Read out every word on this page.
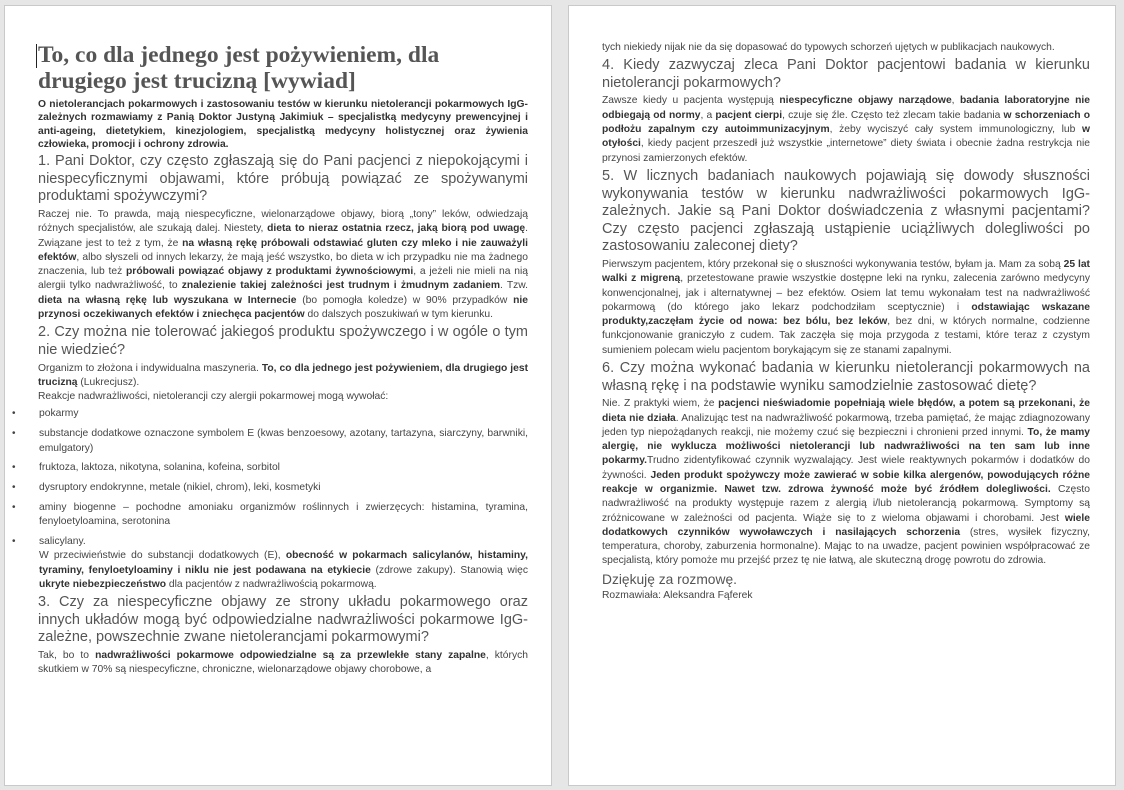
To, co dla jednego jest pożywieniem, dla drugiego jest trucizną [wywiad]

O nietolerancjach pokarmowych i zastosowaniu testów w kierunku nietolerancji pokarmowych IgG-zależnych rozmawiamy z Panią Doktor Justyną Jakimiuk – specjalistką medycyny prewencyjnej i anti-ageing, dietetykiem, kinezjologiem, specjalistką medycyny holistycznej oraz żywienia człowieka, promocji i ochrony zdrowia.

1. Pani Doktor, czy często zgłaszają się do Pani pacjenci z niepokojącymi i niespecyficznymi objawami, które próbują powiązać ze spożywanymi produktami spożywczymi?

Raczej nie. To prawda, mają niespecyficzne, wielonarządowe objawy, biorą „tony” leków, odwiedzają różnych specjalistów, ale szukają dalej. Niestety, dieta to nieraz ostatnia rzecz, jaką biorą pod uwagę. Związane jest to też z tym, że na własną rękę próbowali odstawiać gluten czy mleko i nie zauważyli efektów, albo słyszeli od innych lekarzy, że mają jeść wszystko, bo dieta w ich przypadku nie ma żadnego znaczenia, lub też próbowali powiązać objawy z produktami żywnościowymi, a jeżeli nie mieli na nią alergii tylko nadwrażliwość, to znalezienie takiej zależności jest trudnym i żmudnym zadaniem. Tzw. dieta na własną rękę lub wyszukana w Internecie (bo pomogła koledze) w 90% przypadków nie przynosi oczekiwanych efektów i zniechęca pacjentów do dalszych poszukiwań w tym kierunku.

2. Czy można nie tolerować jakiegoś produktu spożywczego i w ogóle o tym nie wiedzieć?

Organizm to złożona i indywidualna maszyneria. To, co dla jednego jest pożywieniem, dla drugiego jest trucizną (Lukrecjusz).
Reakcje nadwrażliwości, nietolerancji czy alergii pokarmowej mogą wywołać:

• pokarmy
• substancje dodatkowe oznaczone symbolem E (kwas benzoesowy, azotany, tartazyna, siarczyny, barwniki, emulgatory)
• fruktoza, laktoza, nikotyna, solanina, kofeina, sorbitol
• dysruptory endokrynne, metale (nikiel, chrom), leki, kosmetyki
• aminy biogenne – pochodne amoniaku organizmów roślinnych i zwierzęcych: histamina, tyramina, fenyloetyloamina, serotonina
• salicylany.

W przeciwieństwie do substancji dodatkowych (E), obecność w pokarmach salicylanów, histaminy, tyraminy, fenyloetyloaminy i niklu nie jest podawana na etykiecie (zdrowe zakupy). Stanowią więc ukryte niebezpieczeństwo dla pacjentów z nadwrażliwością pokarmową.

3. Czy za niespecyficzne objawy ze strony układu pokarmowego oraz innych układów mogą być odpowiedzialne nadwrażliwości pokarmowe IgG-zależne, powszechnie zwane nietolerancjami pokarmowymi?

Tak, bo to nadwrażliwości pokarmowe odpowiedzialne są za przewlekłe stany zapalne, których skutkiem w 70% są niespecyficzne, chroniczne, wielonarządowe objawy chorobowe, a

tych niekiedy nijak nie da się dopasować do typowych schorzeń ujętych w publikacjach naukowych.

4. Kiedy zazwyczaj zleca Pani Doktor pacjentowi badania w kierunku nietolerancji pokarmowych?

Zawsze kiedy u pacjenta występują niespecyficzne objawy narządowe, badania laboratoryjne nie odbiegają od normy, a pacjent cierpi, czuje się źle. Często też zlecam takie badania w schorzeniach o podłożu zapalnym czy autoimmunizacyjnym, żeby wyciszyć cały system immunologiczny, lub w otyłości, kiedy pacjent przeszedł już wszystkie „internetowe” diety świata i obecnie żadna restrykcja nie przynosi zamierzonych efektów.

5. W licznych badaniach naukowych pojawiają się dowody słuszności wykonywania testów w kierunku nadwrażliwości pokarmowych IgG-zależnych. Jakie są Pani Doktor doświadczenia z własnymi pacjentami? Czy często pacjenci zgłaszają ustąpienie uciążliwych dolegliwości po zastosowaniu zaleconej diety?

Pierwszym pacjentem, który przekonał się o słuszności wykonywania testów, byłam ja. Mam za sobą 25 lat walki z migreną, przetestowane prawie wszystkie dostępne leki na rynku, zalecenia zarówno medycyny konwencjonalnej, jak i alternatywnej – bez efektów. Osiem lat temu wykonałam test na nadwrażliwość pokarmową (do którego jako lekarz podchodziłam sceptycznie) i odstawiając wskazane produkty,zaczęłam życie od nowa: bez bólu, bez leków, bez dni, w których normalne, codzienne funkcjonowanie graniczyło z cudem. Tak zaczęła się moja przygoda z testami, które teraz z czystym sumieniem polecam wielu pacjentom borykającym się ze stanami zapalnymi.

6. Czy można wykonać badania w kierunku nietolerancji pokarmowych na własną rękę i na podstawie wyniku samodzielnie zastosować dietę?

Nie. Z praktyki wiem, że pacjenci nieświadomie popełniają wiele błędów, a potem są przekonani, że dieta nie działa. Analizując test na nadwrażliwość pokarmową, trzeba pamiętać, że mając zdiagnozowany jeden typ niepożądanych reakcji, nie możemy czuć się bezpieczni i chronieni przed innymi. To, że mamy alergię, nie wyklucza możliwości nietolerancji lub nadwrażliwości na ten sam lub inne pokarmy.Trudno zidentyfikować czynnik wyzwalający. Jest wiele reaktywnych pokarmów i dodatków do żywności. Jeden produkt spożywczy może zawierać w sobie kilka alergenów, powodujących różne reakcje w organizmie. Nawet tzw. zdrowa żywność może być źródłem dolegliwości. Często nadwrażliwość na produkty występuje razem z alergią i/lub nietolerancją pokarmową. Symptomy są zróżnicowane w zależności od pacjenta. Wiąże się to z wieloma objawami i chorobami. Jest wiele dodatkowych czynników wywoławczych i nasilających schorzenia (stres, wysiłek fizyczny, temperatura, choroby, zaburzenia hormonalne). Mając to na uwadze, pacjent powinien współpracować ze specjalistą, który pomoże mu przejść przez tę nie łatwą, ale skuteczną drogę powrotu do zdrowia.

Dziękuję za rozmowę.

Rozmawiała: Aleksandra Fąferek
